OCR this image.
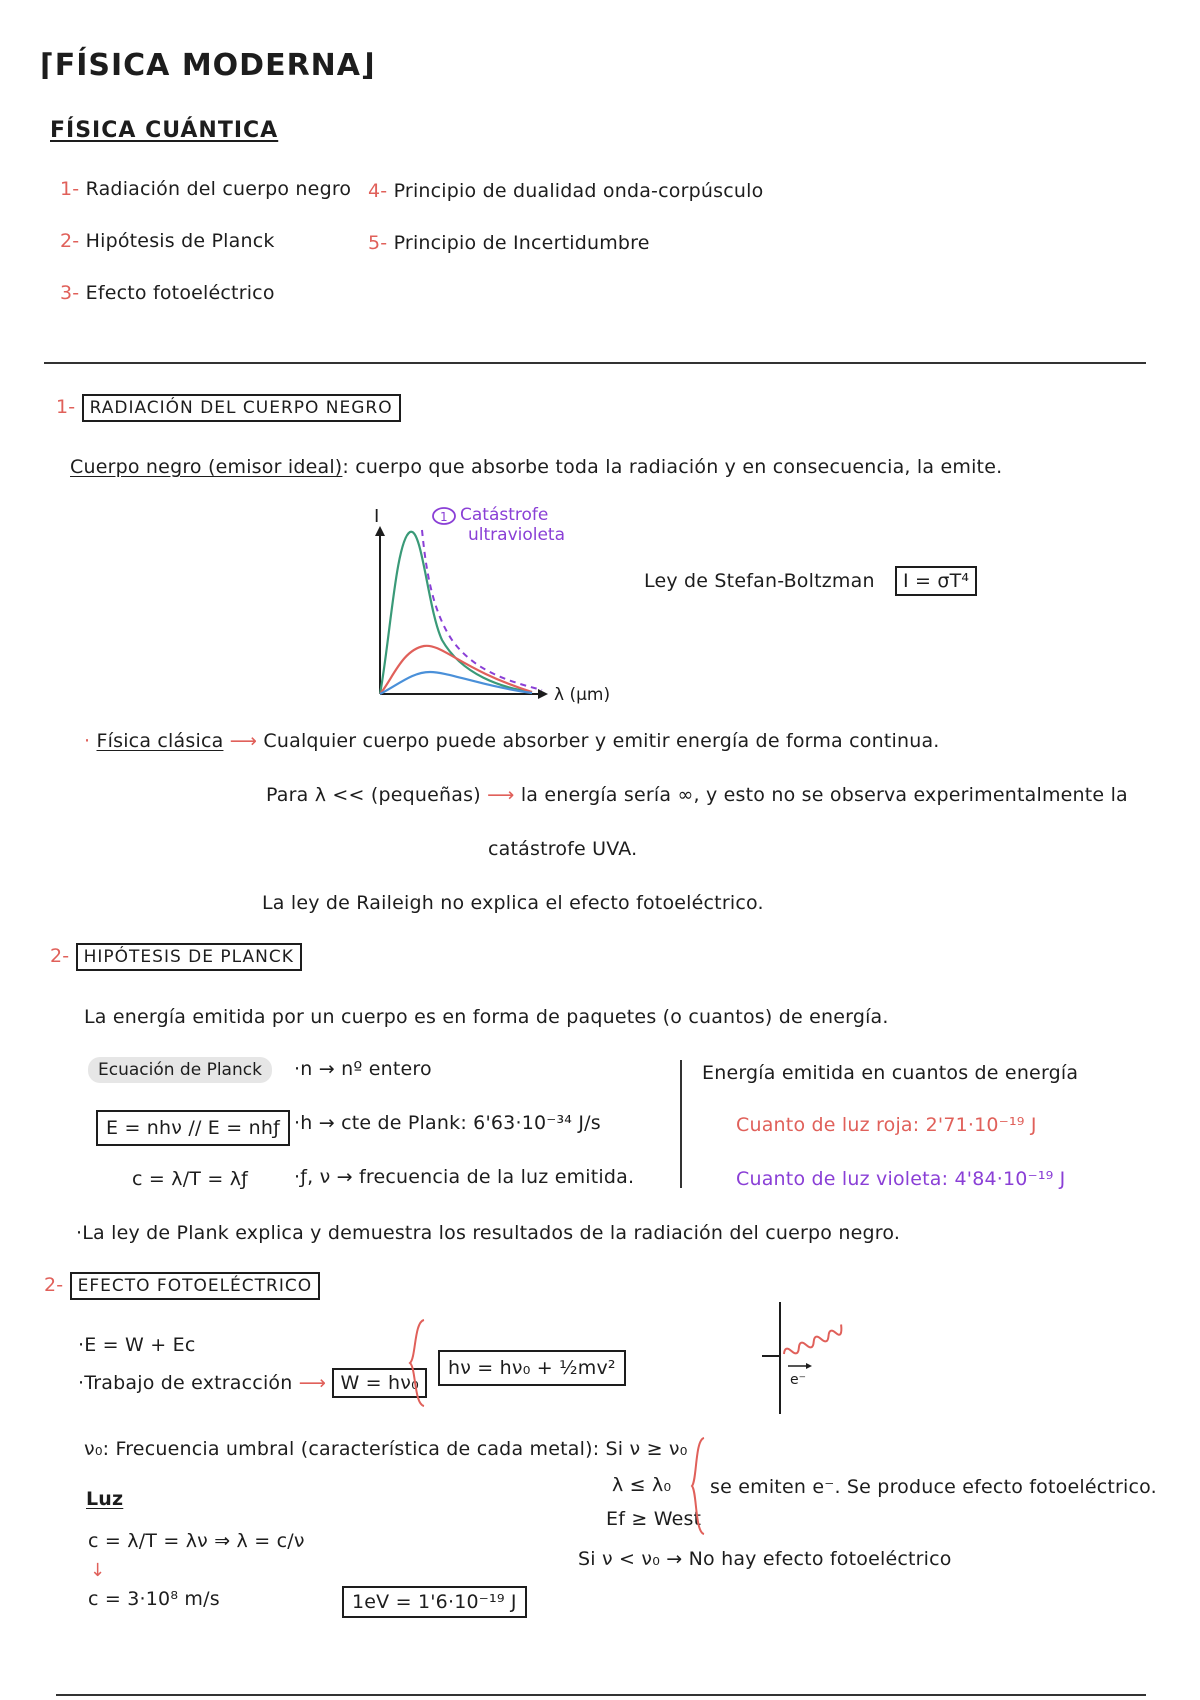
⌈FÍSICA MODERNA⌋
FÍSICA CUÁNTICA
1- Radiación del cuerpo negro
2- Hipótesis de Planck
3- Efecto fotoeléctrico
4- Principio de dualidad onda-corpúsculo
5- Principio de Incertidumbre
1- RADIACIÓN DEL CUERPO NEGRO
Cuerpo negro (emisor ideal): cuerpo que absorbe toda la radiación y en consecuencia, la emite.
I	1 Catástrofe
ultravioleta
λ (μm)
Ley de Stefan-Boltzman I = σT⁴
· Física clásica ⟶ Cualquier cuerpo puede absorber y emitir energía de forma continua.
Para λ << (pequeñas) ⟶ la energía sería ∞, y esto no se observa experimentalmente la
catástrofe UVA.
La ley de Raileigh no explica el efecto fotoeléctrico.
2- HIPÓTESIS DE PLANCK
La energía emitida por un cuerpo es en forma de paquetes (o cuantos) de energía.
Ecuación de Planck
E = nhν // E = nhƒ
c = λ/T = λƒ
·n → nº entero
·h → cte de Plank: 6'63·10⁻³⁴ J/s
·ƒ, ν → frecuencia de la luz emitida.
Energía emitida en cuantos de energía
Cuanto de luz roja: 2'71·10⁻¹⁹ J
Cuanto de luz violeta: 4'84·10⁻¹⁹ J
·La ley de Plank explica y demuestra los resultados de la radiación del cuerpo negro.
2- EFECTO FOTOELÉCTRICO
·E = W + Ec
·Trabajo de extracción ⟶ W = hν₀
hν = hν₀ + ½mv²
e⁻
ν₀: Frecuencia umbral (característica de cada metal): Si ν ≥ ν₀
λ ≤ λ₀
Ef ≥ West
se emiten e⁻. Se produce efecto fotoeléctrico.
Si ν < ν₀ → No hay efecto fotoeléctrico
Luz
c = λ/T = λν ⇒ λ = c/ν
↓
c = 3·10⁸ m/s	1eV = 1'6·10⁻¹⁹ J
